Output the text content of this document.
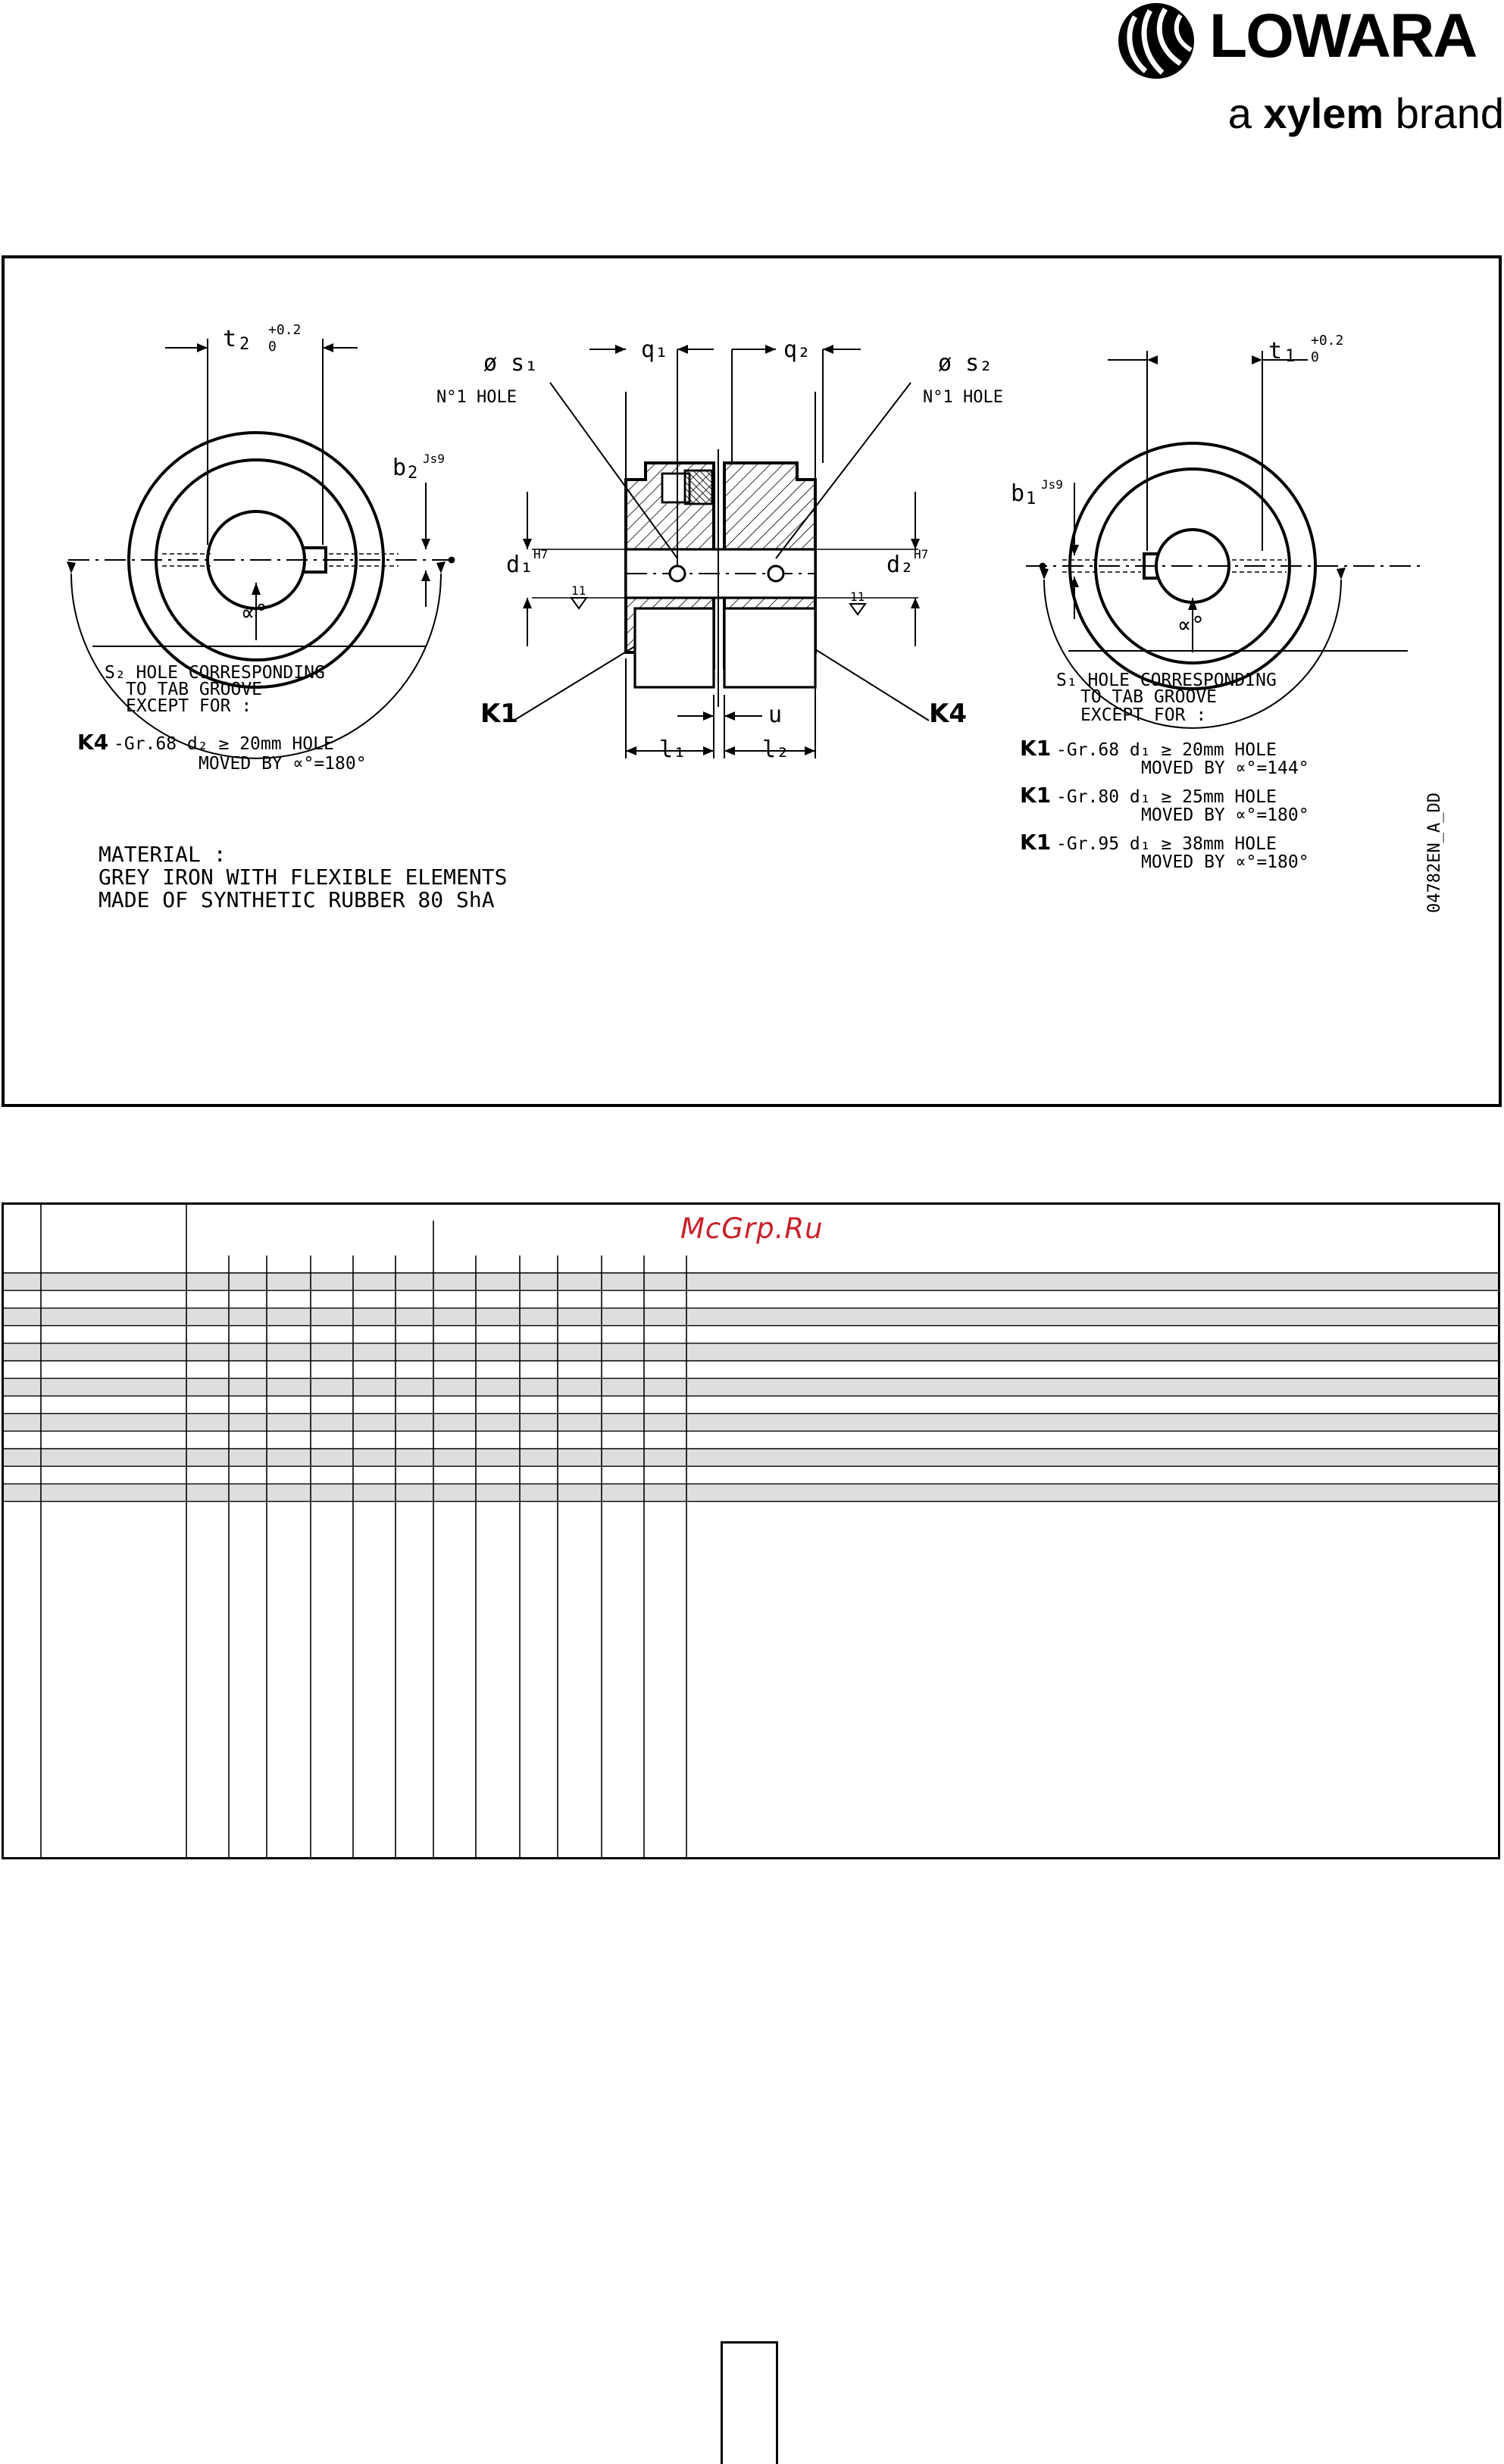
LOWARA
a xylem brand
t 2
+0.2
0
b 2
Js9
∝°
t 1
+0.2
0
b 1
Js9
∝°
ø s₁	ø s₂
N°1 HOLE	N°1 HOLE
q₁	q₂
d₁ H7	d₂ H7
11	11
K1	K4
u
l₁	l₂
S₂ HOLE CORRESPONDING
TO TAB GROOVE
EXCEPT FOR :
K4 -Gr.68 d₂ ≥ 20mm HOLE
MOVED BY ∝°=180°
S₁ HOLE CORRESPONDING
TO TAB GROOVE
EXCEPT FOR :
K1 -Gr.68 d₁ ≥ 20mm HOLE
MOVED BY ∝°=144°
K1 -Gr.80 d₁ ≥ 25mm HOLE
MOVED BY ∝°=180°
K1 -Gr.95 d₁ ≥ 38mm HOLE
MOVED BY ∝°=180°
MATERIAL :
GREY IRON WITH FLEXIBLE ELEMENTS
MADE OF SYNTHETIC RUBBER 80 ShA	04782EN_A_DD
McGrp.Ru
